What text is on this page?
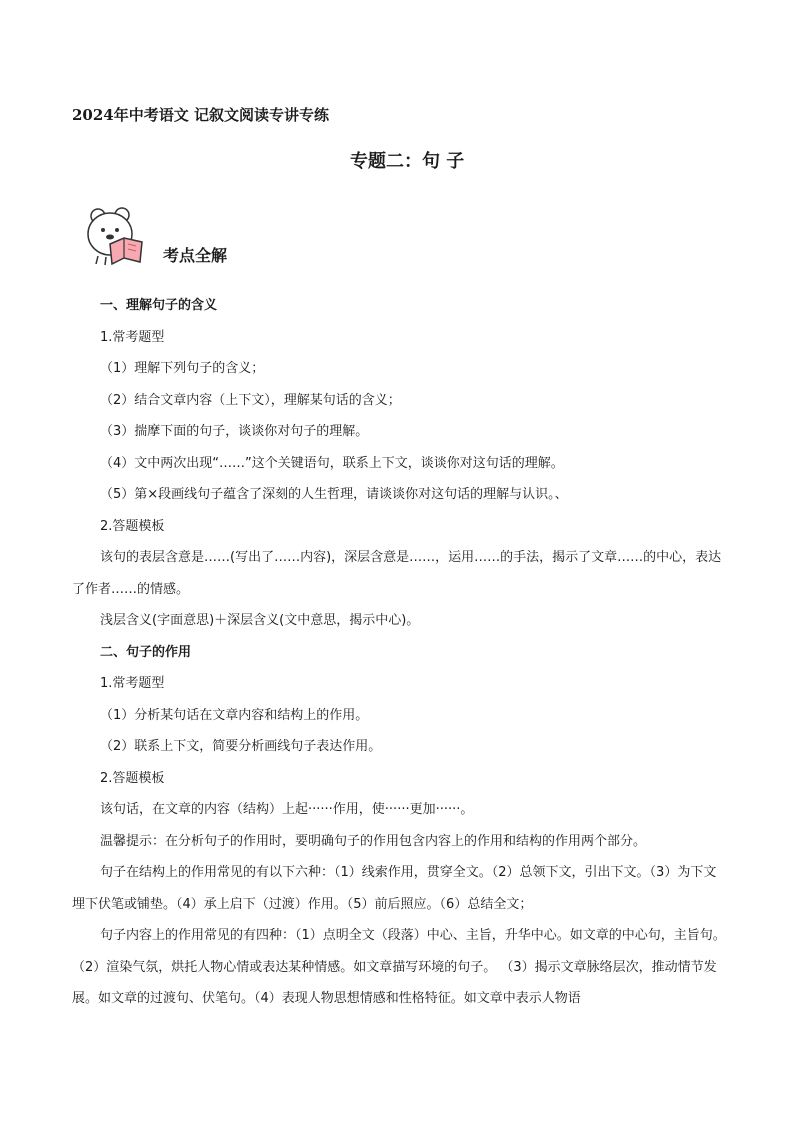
2024年中考语文 记叙文阅读专讲专练
专题二：句 子
考点全解

一、理解句子的含义

1.常考题型

（1）理解下列句子的含义；

（2）结合文章内容（上下文），理解某句话的含义；

（3）揣摩下面的句子，谈谈你对句子的理解。

（4）文中两次出现“……”这个关键语句，联系上下文，谈谈你对这句话的理解。

（5）第×段画线句子蕴含了深刻的人生哲理，请谈谈你对这句话的理解与认识。、

2.答题模板

该句的表层含意是……(写出了……内容)，深层含意是……，运用……的手法，揭示了文章……的中心，表达了作者……的情感。

浅层含义(字面意思)＋深层含义(文中意思，揭示中心)。

二、句子的作用

1.常考题型

（1）分析某句话在文章内容和结构上的作用。

（2）联系上下文，简要分析画线句子表达作用。

2.答题模板

该句话，在文章的内容（结构）上起······作用，使······更加······。

温馨提示：在分析句子的作用时，要明确句子的作用包含内容上的作用和结构的作用两个部分。

句子在结构上的作用常见的有以下六种：（1）线索作用，贯穿全文。（2）总领下文，引出下文。（3）为下文埋下伏笔或铺垫。（4）承上启下（过渡）作用。（5）前后照应。（6）总结全文；

句子内容上的作用常见的有四种：（1）点明全文（段落）中心、主旨，升华中心。如文章的中心句，主旨句。（2）渲染气氛，烘托人物心情或表达某种情感。如文章描写环境的句子。 （3）揭示文章脉络层次，推动情节发展。如文章的过渡句、伏笔句。（4）表现人物思想情感和性格特征。如文章中表示人物语
